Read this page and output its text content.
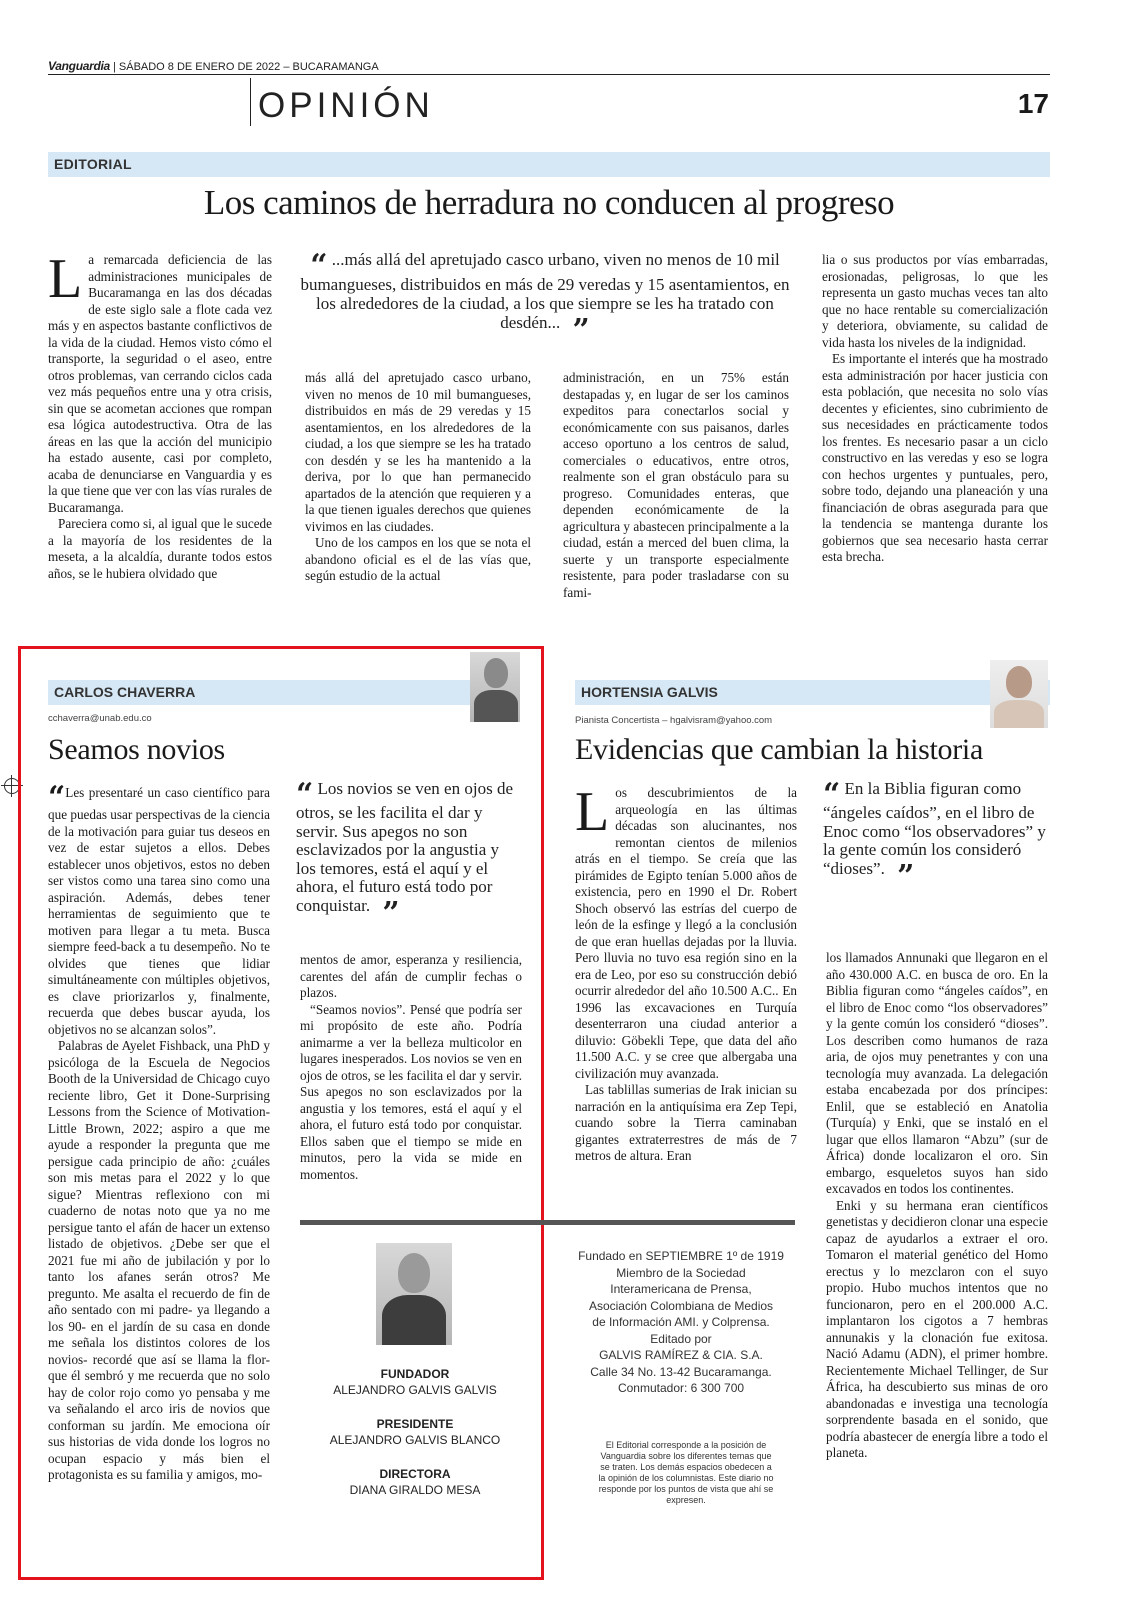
Vanguardia | SÁBADO 8 DE ENERO DE 2022 – BUCARAMANGA
OPINIÓN	17
EDITORIAL
Los caminos de herradura no conducen al progreso

La remarcada deficiencia de las administraciones municipales de Bucaramanga en las dos décadas de este siglo sale a flote cada vez más y en aspectos bastante conflictivos de la vida de la ciudad. Hemos visto cómo el transporte, la seguridad o el aseo, entre otros problemas, van cerrando ciclos cada vez más pequeños entre una y otra crisis, sin que se acometan acciones que rompan esa lógica autodestructiva. Otra de las áreas en las que la acción del municipio ha estado ausente, casi por completo, acaba de denunciarse en Vanguardia y es la que tiene que ver con las vías rurales de Bucaramanga.

Pareciera como si, al igual que le sucede a la mayoría de los residentes de la meseta, a la alcaldía, durante todos estos años, se le hubiera olvidado que

“ ...más allá del apretujado casco urbano, viven no menos de 10 mil bumangueses, distribuidos en más de 29 veredas y 15 asentamientos, en los alrededores de la ciudad, a los que siempre se les ha tratado con desdén... ”

más allá del apretujado casco urbano, viven no menos de 10 mil bumangueses, distribuidos en más de 29 veredas y 15 asentamientos, en los alrededores de la ciudad, a los que siempre se les ha tratado con desdén y se les ha mantenido a la deriva, por lo que han permanecido apartados de la atención que requieren y a la que tienen iguales derechos que quienes vivimos en las ciudades.

Uno de los campos en los que se nota el abandono oficial es el de las vías que, según estudio de la actual

administración, en un 75% están destapadas y, en lugar de ser los caminos expeditos para conectarlos social y económicamente con sus paisanos, darles acceso oportuno a los centros de salud, comerciales o educativos, entre otros, realmente son el gran obstáculo para su progreso. Comunidades enteras, que dependen económicamente de la agricultura y abastecen principalmente a la ciudad, están a merced del buen clima, la suerte y un transporte especialmente resistente, para poder trasladarse con su fami-

lia o sus productos por vías embarradas, erosionadas, peligrosas, lo que les representa un gasto muchas veces tan alto que no hace rentable su comercialización y deteriora, obviamente, su calidad de vida hasta los niveles de la indignidad.

Es importante el interés que ha mostrado esta administración por hacer justicia con esta población, que necesita no solo vías decentes y eficientes, sino cubrimiento de sus necesidades en prácticamente todos los frentes. Es necesario pasar a un ciclo constructivo en las veredas y eso se logra con hechos urgentes y puntuales, pero, sobre todo, dejando una planeación y una financiación de obras asegurada para que la tendencia se mantenga durante los gobiernos que sea necesario hasta cerrar esta brecha.

CARLOS CHAVERRA
cchaverra@unab.edu.co
Seamos novios

“Les presentaré un caso científico para que puedas usar perspectivas de la ciencia de la motivación para guiar tus deseos en vez de estar sujetos a ellos. Debes establecer unos objetivos, estos no deben ser vistos como una tarea sino como una aspiración. Además, debes tener herramientas de seguimiento que te motiven para llegar a tu meta. Busca siempre feed-back a tu desempeño. No te olvides que tienes que lidiar simultáneamente con múltiples objetivos, es clave priorizarlos y, finalmente, recuerda que debes buscar ayuda, los objetivos no se alcanzan solos”.

Palabras de Ayelet Fishback, una PhD y psicóloga de la Escuela de Negocios Booth de la Universidad de Chicago cuyo reciente libro, Get it Done-Surprising Lessons from the Science of Motivation-Little Brown, 2022; aspiro a que me ayude a responder la pregunta que me persigue cada principio de año: ¿cuáles son mis metas para el 2022 y lo que sigue? Mientras reflexiono con mi cuaderno de notas noto que ya no me persigue tanto el afán de hacer un extenso listado de objetivos. ¿Debe ser que el 2021 fue mi año de jubilación y por lo tanto los afanes serán otros? Me pregunto. Me asalta el recuerdo de fin de año sentado con mi padre- ya llegando a los 90- en el jardín de su casa en donde me señala los distintos colores de los novios- recordé que así se llama la flor- que él sembró y me recuerda que no solo hay de color rojo como yo pensaba y me va señalando el arco iris de novios que conforman su jardín. Me emociona oír sus historias de vida donde los logros no ocupan espacio y más bien el protagonista es su familia y amigos, mo-

“ Los novios se ven en ojos de otros, se les facilita el dar y servir. Sus apegos no son esclavizados por la angustia y los temores, está el aquí y el ahora, el futuro está todo por conquistar. ”

mentos de amor, esperanza y resiliencia, carentes del afán de cumplir fechas o plazos.

“Seamos novios”. Pensé que podría ser mi propósito de este año. Podría animarme a ver la belleza multicolor en lugares inesperados. Los novios se ven en ojos de otros, se les facilita el dar y servir. Sus apegos no son esclavizados por la angustia y los temores, está el aquí y el ahora, el futuro está todo por conquistar. Ellos saben que el tiempo se mide en minutos, pero la vida se mide en momentos.

FUNDADOR
ALEJANDRO GALVIS GALVIS
PRESIDENTE
ALEJANDRO GALVIS BLANCO
DIRECTORA
DIANA GIRALDO MESA
Fundado en SEPTIEMBRE 1º de 1919
Miembro de la Sociedad
Interamericana de Prensa,
Asociación Colombiana de Medios
de Información AMI. y Colprensa.
Editado por
GALVIS RAMÍREZ & CIA. S.A.
Calle 34 No. 13-42 Bucaramanga.
Conmutador: 6 300 700
El Editorial corresponde a la posición de Vanguardia sobre los diferentes temas que se traten. Los demás espacios obedecen a la opinión de los columnistas. Este diario no responde por los puntos de vista que ahí se expresen.
HORTENSIA GALVIS
Pianista Concertista – hgalvisram@yahoo.com
Evidencias que cambian la historia

Los descubrimientos de la arqueología en las últimas décadas son alucinantes, nos remontan cientos de milenios atrás en el tiempo. Se creía que las pirámides de Egipto tenían 5.000 años de existencia, pero en 1990 el Dr. Robert Shoch observó las estrías del cuerpo de león de la esfinge y llegó a la conclusión de que eran huellas dejadas por la lluvia. Pero lluvia no tuvo esa región sino en la era de Leo, por eso su construcción debió ocurrir alrededor del año 10.500 A.C.. En 1996 las excavaciones en Turquía desenterraron una ciudad anterior a diluvio: Göbekli Tepe, que data del año 11.500 A.C. y se cree que albergaba una civilización muy avanzada.

Las tablillas sumerias de Irak inician su narración en la antiquísima era Zep Tepi, cuando sobre la Tierra caminaban gigantes extraterrestres de más de 7 metros de altura. Eran

“ En la Biblia figuran como “ángeles caídos”, en el libro de Enoc como “los observadores” y la gente común los consideró “dioses”. ”

los llamados Annunaki que llegaron en el año 430.000 A.C. en busca de oro. En la Biblia figuran como “ángeles caídos”, en el libro de Enoc como “los observadores” y la gente común los consideró “dioses”. Los describen como humanos de raza aria, de ojos muy penetrantes y con una tecnología muy avanzada. La delegación estaba encabezada por dos príncipes: Enlil, que se estableció en Anatolia (Turquía) y Enki, que se instaló en el lugar que ellos llamaron “Abzu” (sur de África) donde localizaron el oro. Sin embargo, esqueletos suyos han sido excavados en todos los continentes.

Enki y su hermana eran científicos genetistas y decidieron clonar una especie capaz de ayudarlos a extraer el oro. Tomaron el material genético del Homo erectus y lo mezclaron con el suyo propio. Hubo muchos intentos que no funcionaron, pero en el 200.000 A.C. implantaron los cigotos a 7 hembras annunakis y la clonación fue exitosa. Nació Adamu (ADN), el primer hombre. Recientemente Michael Tellinger, de Sur África, ha descubierto sus minas de oro abandonadas e investiga una tecnología sorprendente basada en el sonido, que podría abastecer de energía libre a todo el planeta.
